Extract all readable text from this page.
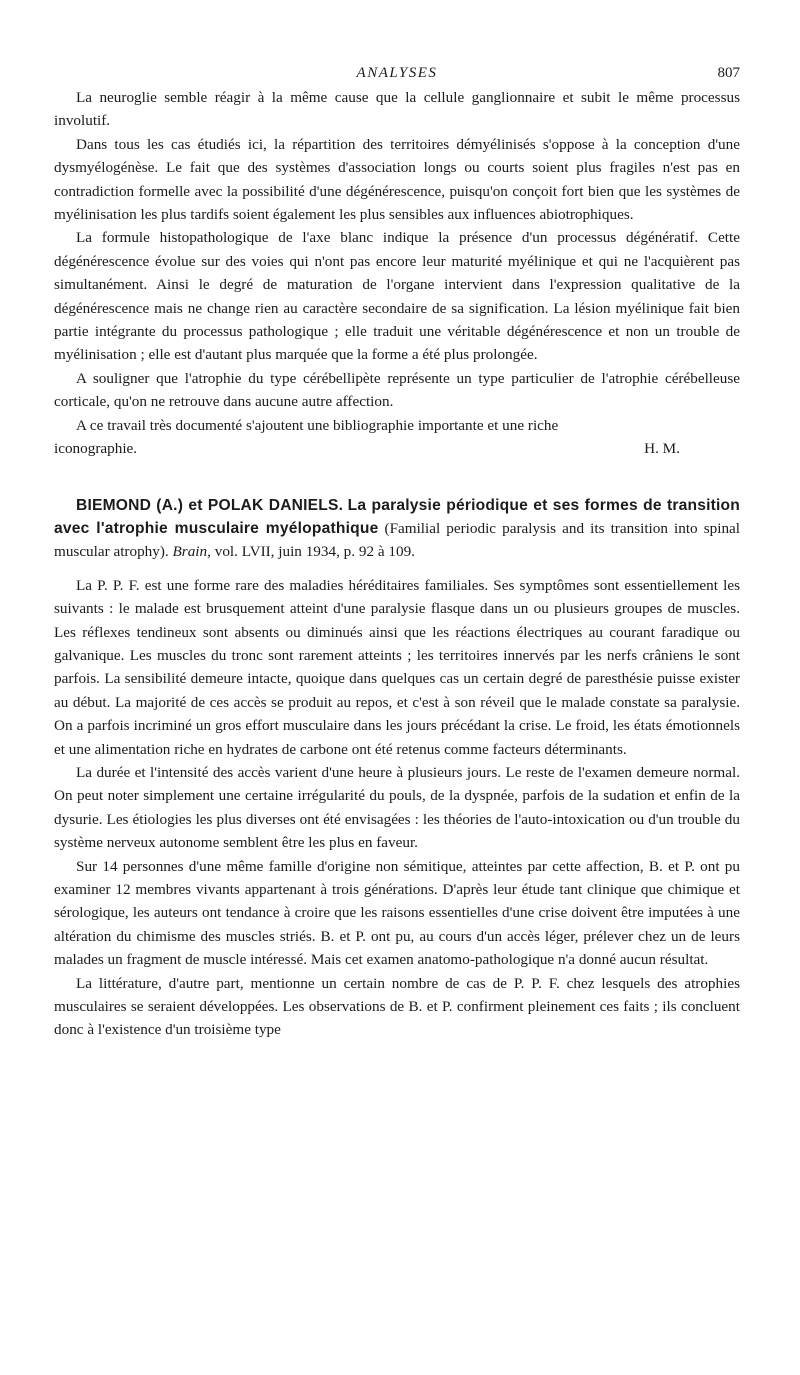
ANALYSES	807

La neuroglie semble réagir à la même cause que la cellule ganglionnaire et subit le même processus involutif.

Dans tous les cas étudiés ici, la répartition des territoires démyélinisés s'oppose à la conception d'une dysmyélogénèse. Le fait que des systèmes d'association longs ou courts soient plus fragiles n'est pas en contradiction formelle avec la possibilité d'une dégénérescence, puisqu'on conçoit fort bien que les systèmes de myélinisation les plus tardifs soient également les plus sensibles aux influences abiotrophiques.

La formule histopathologique de l'axe blanc indique la présence d'un processus dégénératif. Cette dégénérescence évolue sur des voies qui n'ont pas encore leur maturité myélinique et qui ne l'acquièrent pas simultanément. Ainsi le degré de maturation de l'organe intervient dans l'expression qualitative de la dégénérescence mais ne change rien au caractère secondaire de sa signification. La lésion myélinique fait bien partie intégrante du processus pathologique ; elle traduit une véritable dégénérescence et non un trouble de myélinisation ; elle est d'autant plus marquée que la forme a été plus prolongée.

A souligner que l'atrophie du type cérébellipète représente un type particulier de l'atrophie cérébelleuse corticale, qu'on ne retrouve dans aucune autre affection.

A ce travail très documenté s'ajoutent une bibliographie importante et une riche

iconographie.	H. M.

BIEMOND (A.) et POLAK DANIELS. La paralysie périodique et ses formes de transition avec l'atrophie musculaire myélopathique (Familial periodic paralysis and its transition into spinal muscular atrophy). Brain, vol. LVII, juin 1934, p. 92 à 109.

La P. P. F. est une forme rare des maladies héréditaires familiales. Ses symptômes sont essentiellement les suivants : le malade est brusquement atteint d'une paralysie flasque dans un ou plusieurs groupes de muscles. Les réflexes tendineux sont absents ou diminués ainsi que les réactions électriques au courant faradique ou galvanique. Les muscles du tronc sont rarement atteints ; les territoires innervés par les nerfs crâniens le sont parfois. La sensibilité demeure intacte, quoique dans quelques cas un certain degré de paresthésie puisse exister au début. La majorité de ces accès se produit au repos, et c'est à son réveil que le malade constate sa paralysie. On a parfois incriminé un gros effort musculaire dans les jours précédant la crise. Le froid, les états émotionnels et une alimentation riche en hydrates de carbone ont été retenus comme facteurs déterminants.

La durée et l'intensité des accès varient d'une heure à plusieurs jours. Le reste de l'examen demeure normal. On peut noter simplement une certaine irrégularité du pouls, de la dyspnée, parfois de la sudation et enfin de la dysurie. Les étiologies les plus diverses ont été envisagées : les théories de l'auto-intoxication ou d'un trouble du système nerveux autonome semblent être les plus en faveur.

Sur 14 personnes d'une même famille d'origine non sémitique, atteintes par cette affection, B. et P. ont pu examiner 12 membres vivants appartenant à trois générations. D'après leur étude tant clinique que chimique et sérologique, les auteurs ont tendance à croire que les raisons essentielles d'une crise doivent être imputées à une altération du chimisme des muscles striés. B. et P. ont pu, au cours d'un accès léger, prélever chez un de leurs malades un fragment de muscle intéressé. Mais cet examen anatomo-pathologique n'a donné aucun résultat.

La littérature, d'autre part, mentionne un certain nombre de cas de P. P. F. chez lesquels des atrophies musculaires se seraient développées. Les observations de B. et P. confirment pleinement ces faits ; ils concluent donc à l'existence d'un troisième type
